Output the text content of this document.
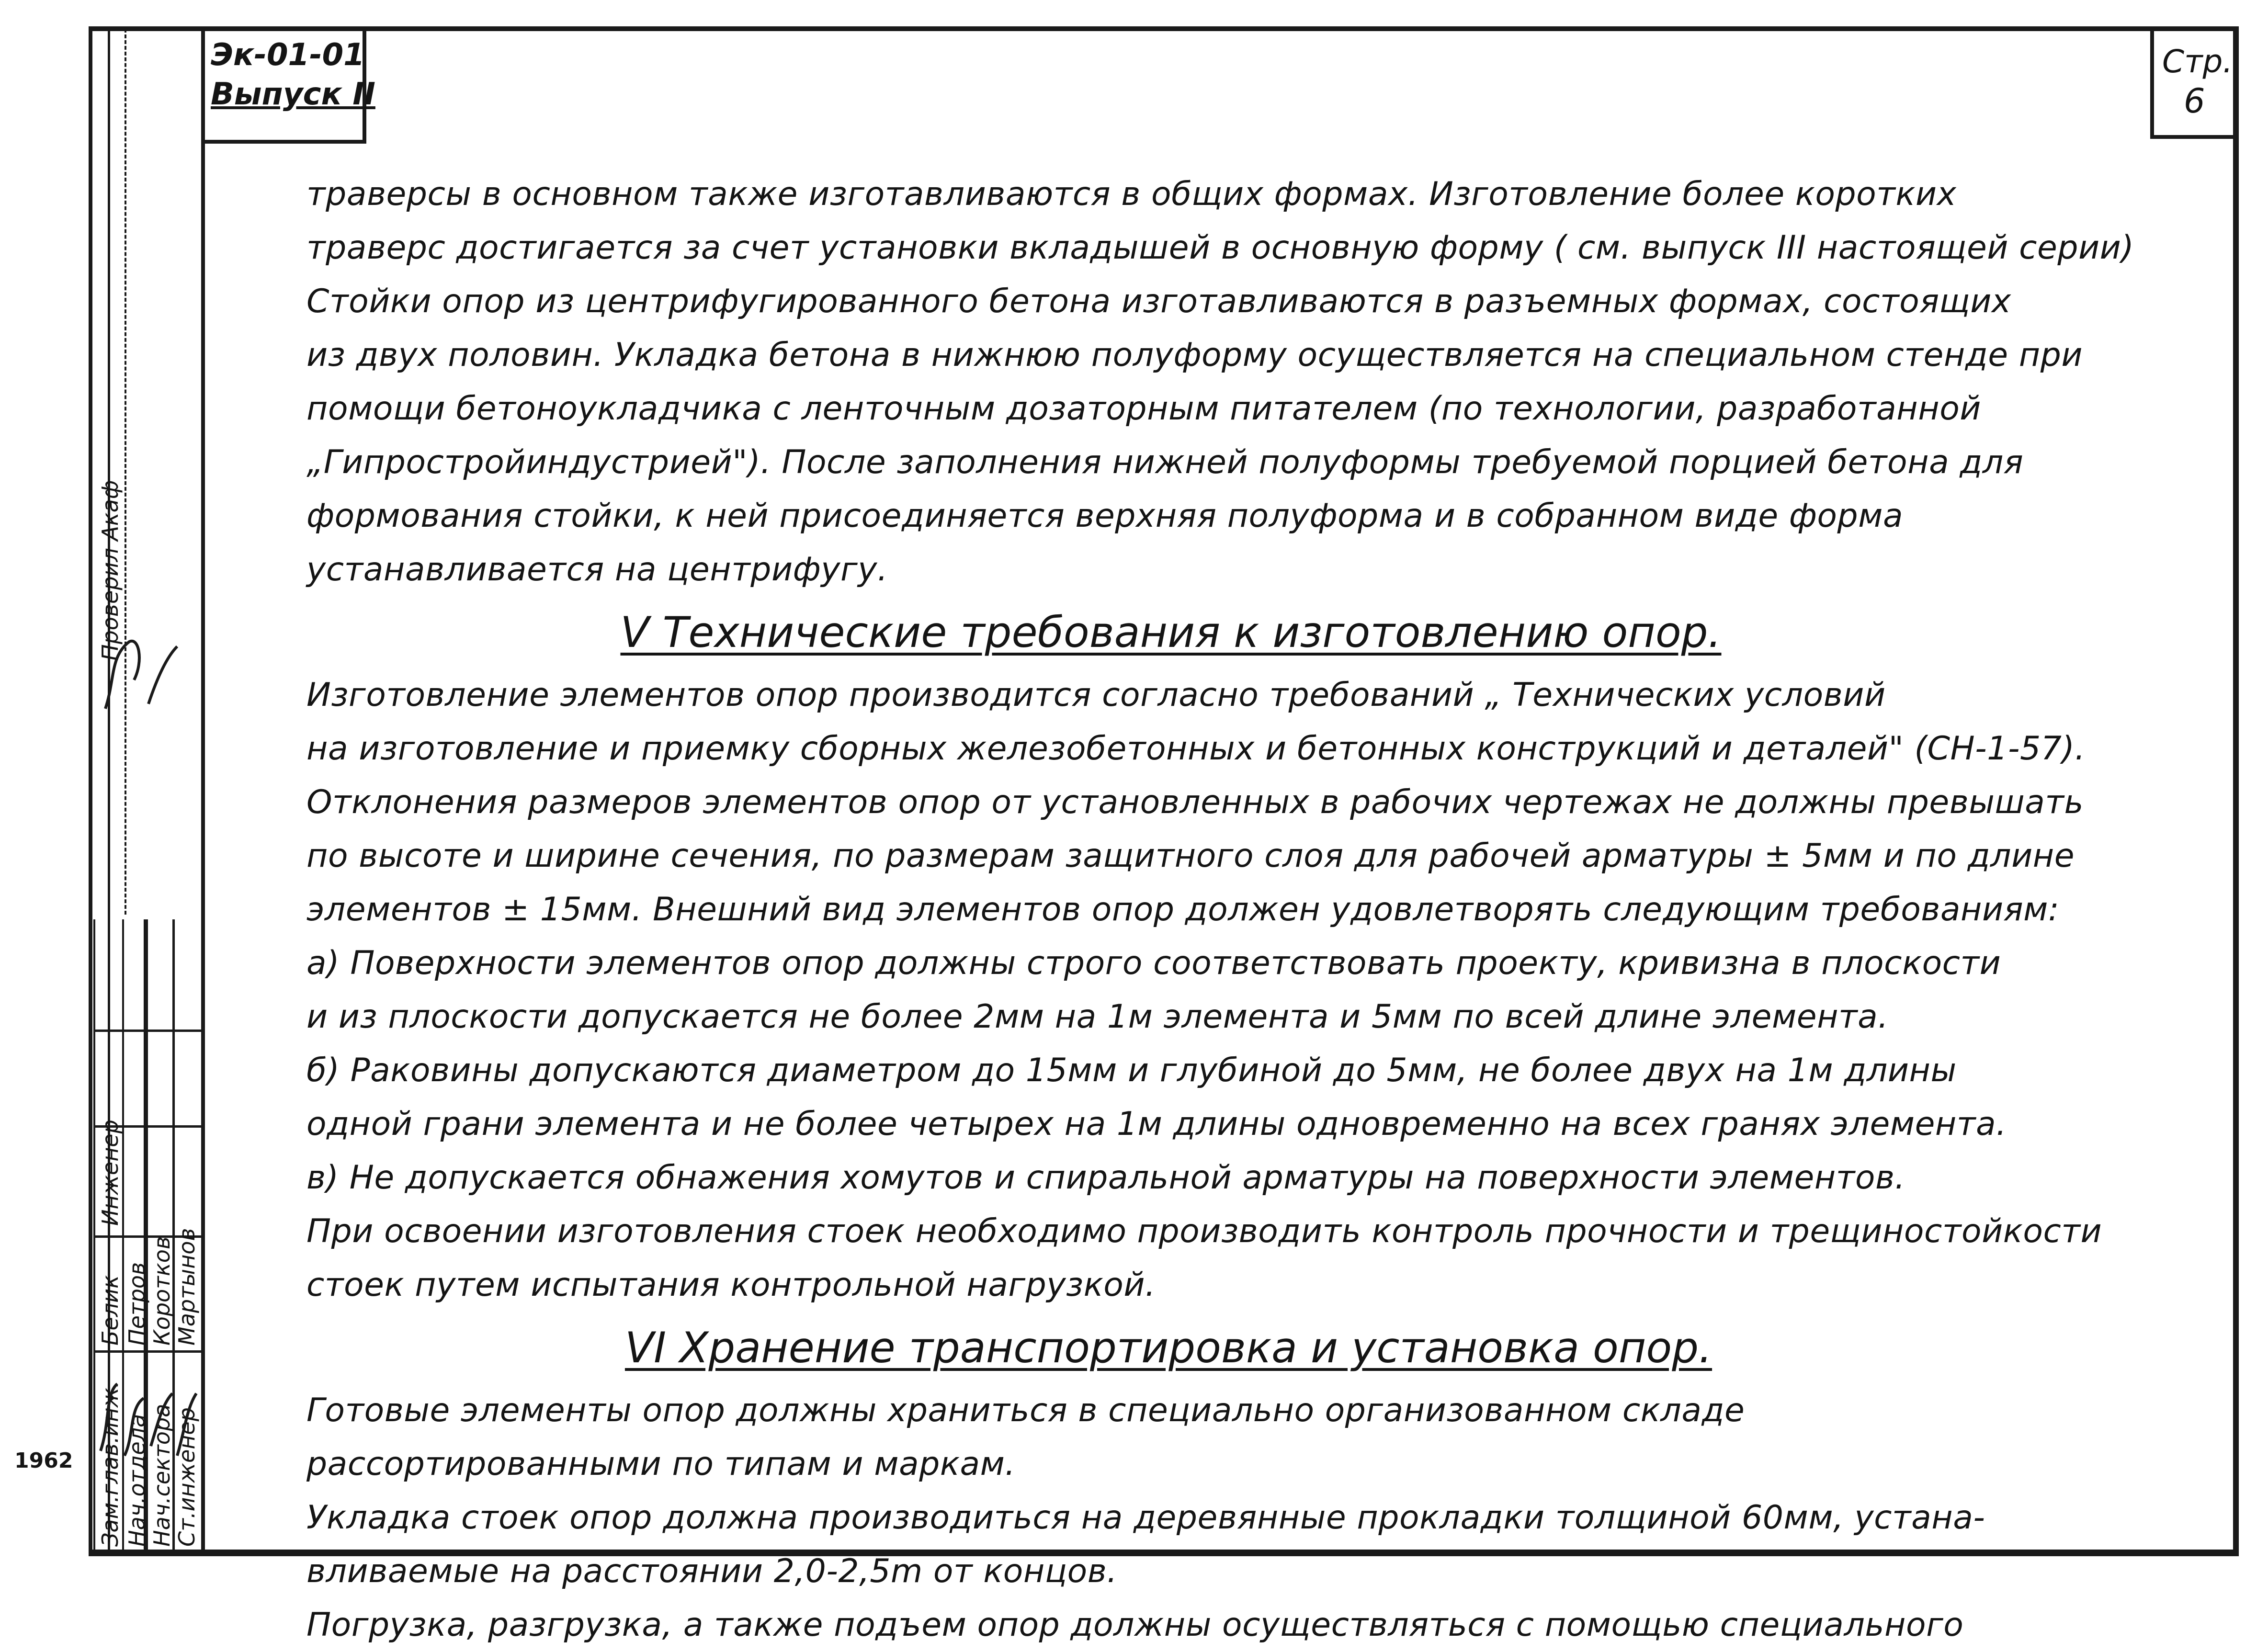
Эк-01-01
Выпуск II
Стр.
6
траверсы в основном также изготавливаются в общих формах. Изготовление более коротких
траверс достигается за счет установки вкладышей в основную форму ( см. выпуск III настоящей серии)
Стойки опор из центрифугированного бетона изготавливаются в разъемных формах, состоящих
из двух половин. Укладка бетона в нижнюю полуформу осуществляется на специальном стенде при
помощи бетоноукладчика с ленточным дозаторным питателем (по технологии, разработанной
„Гипростройиндустрией"). После заполнения нижней полуформы требуемой порцией бетона для
формования стойки, к ней присоединяется верхняя полуформа и в собранном виде форма
устанавливается на центрифугу.
V Технические требования к изготовлению опор.
Изготовление элементов опор производится согласно требований „ Технических условий
на изготовление и приемку сборных железобетонных и бетонных конструкций и деталей" (СН-1-57).
Отклонения размеров элементов опор от установленных в рабочих чертежах не должны превышать
по высоте и ширине сечения, по размерам защитного слоя для рабочей арматуры ± 5мм и по длине
элементов ± 15мм. Внешний вид элементов опор должен удовлетворять следующим требованиям:
а) Поверхности элементов опор должны строго соответствовать проекту, кривизна в плоскости
и из плоскости допускается не более 2мм на 1м элемента и 5мм по всей длине элемента.
б) Раковины допускаются диаметром до 15мм и глубиной до 5мм, не более двух на 1м длины
одной грани элемента и не более четырех на 1м длины одновременно на всех гранях элемента.
в) Не допускается обнажения хомутов и спиральной арматуры на поверхности элементов.
При освоении изготовления стоек необходимо производить контроль прочности и трещиностойкости
стоек путем испытания контрольной нагрузкой.
VI Хранение транспортировка и установка опор.
Готовые элементы опор должны храниться в специально организованном складе
рассортированными по типам и маркам.
Укладка стоек опор должна производиться на деревянные прокладки толщиной 60мм, устана-
вливаемые на расстоянии 2,0-2,5m от концов.
Погрузка, разгрузка, а также подъем опор должны осуществляться с помощью специального
Зам.глав.инж. Нач.отдела
Нач.сектора
Ст.инженер
Белик Петров
Коротков
Мартынов
Инженер
Проверил Акаф
1962
